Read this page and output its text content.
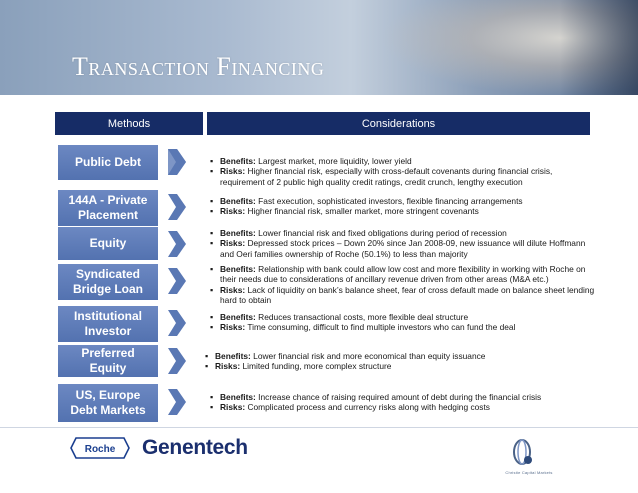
Transaction Financing
Methods	Considerations
Public Debt
▪	Benefits: Largest market, more liquidity, lower yield
▪ Risks: Higher financial risk, especially with cross-default covenants during financial crisis, requirement of 2 public high quality credit ratings, credit crunch, lengthy execution
144A - Private Placement
▪ Benefits: Fast execution, sophisticated investors, flexible financing arrangements
▪ Risks: Higher financial risk, smaller market, more stringent covenants
Equity
▪ Benefits: Lower financial risk and fixed obligations during period of recession
▪ Risks: Depressed stock prices – Down 20% since Jan 2008-09, new issuance will dilute Hoffmann and Oeri families ownership of Roche (50.1%) to less than majority
Syndicated Bridge Loan
▪ Benefits: Relationship with bank could allow low cost and more flexibility in working with Roche on their needs due to considerations of ancillary revenue driven from other areas (M&A etc.)
▪ Risks: Lack of liquidity on bank’s balance sheet, fear of cross default made on balance sheet lending hard to obtain
Institutional Investor
▪ Benefits: Reduces transactional costs, more flexible deal structure
▪ Risks: Time consuming, difficult to find multiple investors who can fund the deal
Preferred Equity
▪ Benefits: Lower financial risk and more economical than equity issuance
▪ Risks: Limited funding, more complex structure
US, Europe Debt Markets
▪ Benefits: Increase chance of raising required amount of debt during the financial crisis
▪ Risks: Complicated process and currency risks along with hedging costs
Roche Genentech
Christie Capital Markets
